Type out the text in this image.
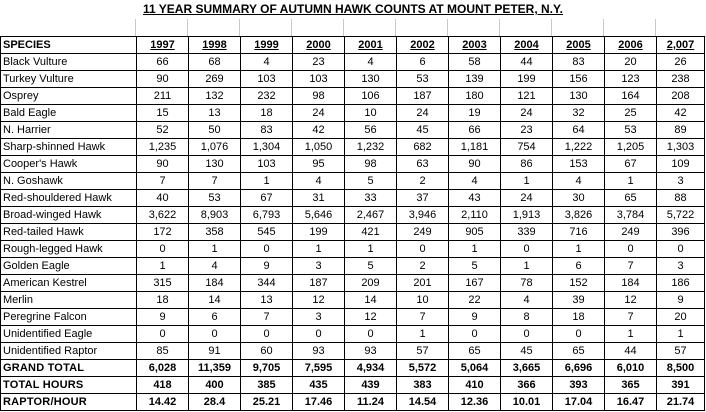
11 YEAR SUMMARY OF AUTUMN HAWK COUNTS AT MOUNT PETER, N.Y.
SPECIES	1997	1998	1999	2000	2001	2002	2003	2004	2005	2006	2,007
Black Vulture	66	68	4	23	4	6	58	44	83	20	26
Turkey Vulture	90	269	103	103	130	53	139	199	156	123	238
Osprey	211	132	232	98	106	187	180	121	130	164	208
Bald Eagle	15	13	18	24	10	24	19	24	32	25	42
N. Harrier	52	50	83	42	56	45	66	23	64	53	89
Sharp-shinned Hawk	1,235	1,076	1,304	1,050	1,232	682	1,181	754	1,222	1,205	1,303
Cooper's Hawk	90	130	103	95	98	63	90	86	153	67	109
N. Goshawk	7	7	1	4	5	2	4	1	4	1	3
Red-shouldered Hawk	40	53	67	31	33	37	43	24	30	65	88
Broad-winged Hawk	3,622	8,903	6,793	5,646	2,467	3,946	2,110	1,913	3,826	3,784	5,722
Red-tailed Hawk	172	358	545	199	421	249	905	339	716	249	396
Rough-legged Hawk	0	1	0	1	1	0	1	0	1	0	0
Golden Eagle	1	4	9	3	5	2	5	1	6	7	3
American Kestrel	315	184	344	187	209	201	167	78	152	184	186
Merlin	18	14	13	12	14	10	22	4	39	12	9
Peregrine Falcon	9	6	7	3	12	7	9	8	18	7	20
Unidentified Eagle	0	0	0	0	0	1	0	0	0	1	1
Unidentified Raptor	85	91	60	93	93	57	65	45	65	44	57
GRAND TOTAL	6,028	11,359	9,705	7,595	4,934	5,572	5,064	3,665	6,696	6,010	8,500
TOTAL HOURS	418	400	385	435	439	383	410	366	393	365	391
RAPTOR/HOUR	14.42	28.4	25.21	17.46	11.24	14.54	12.36	10.01	17.04	16.47	21.74
